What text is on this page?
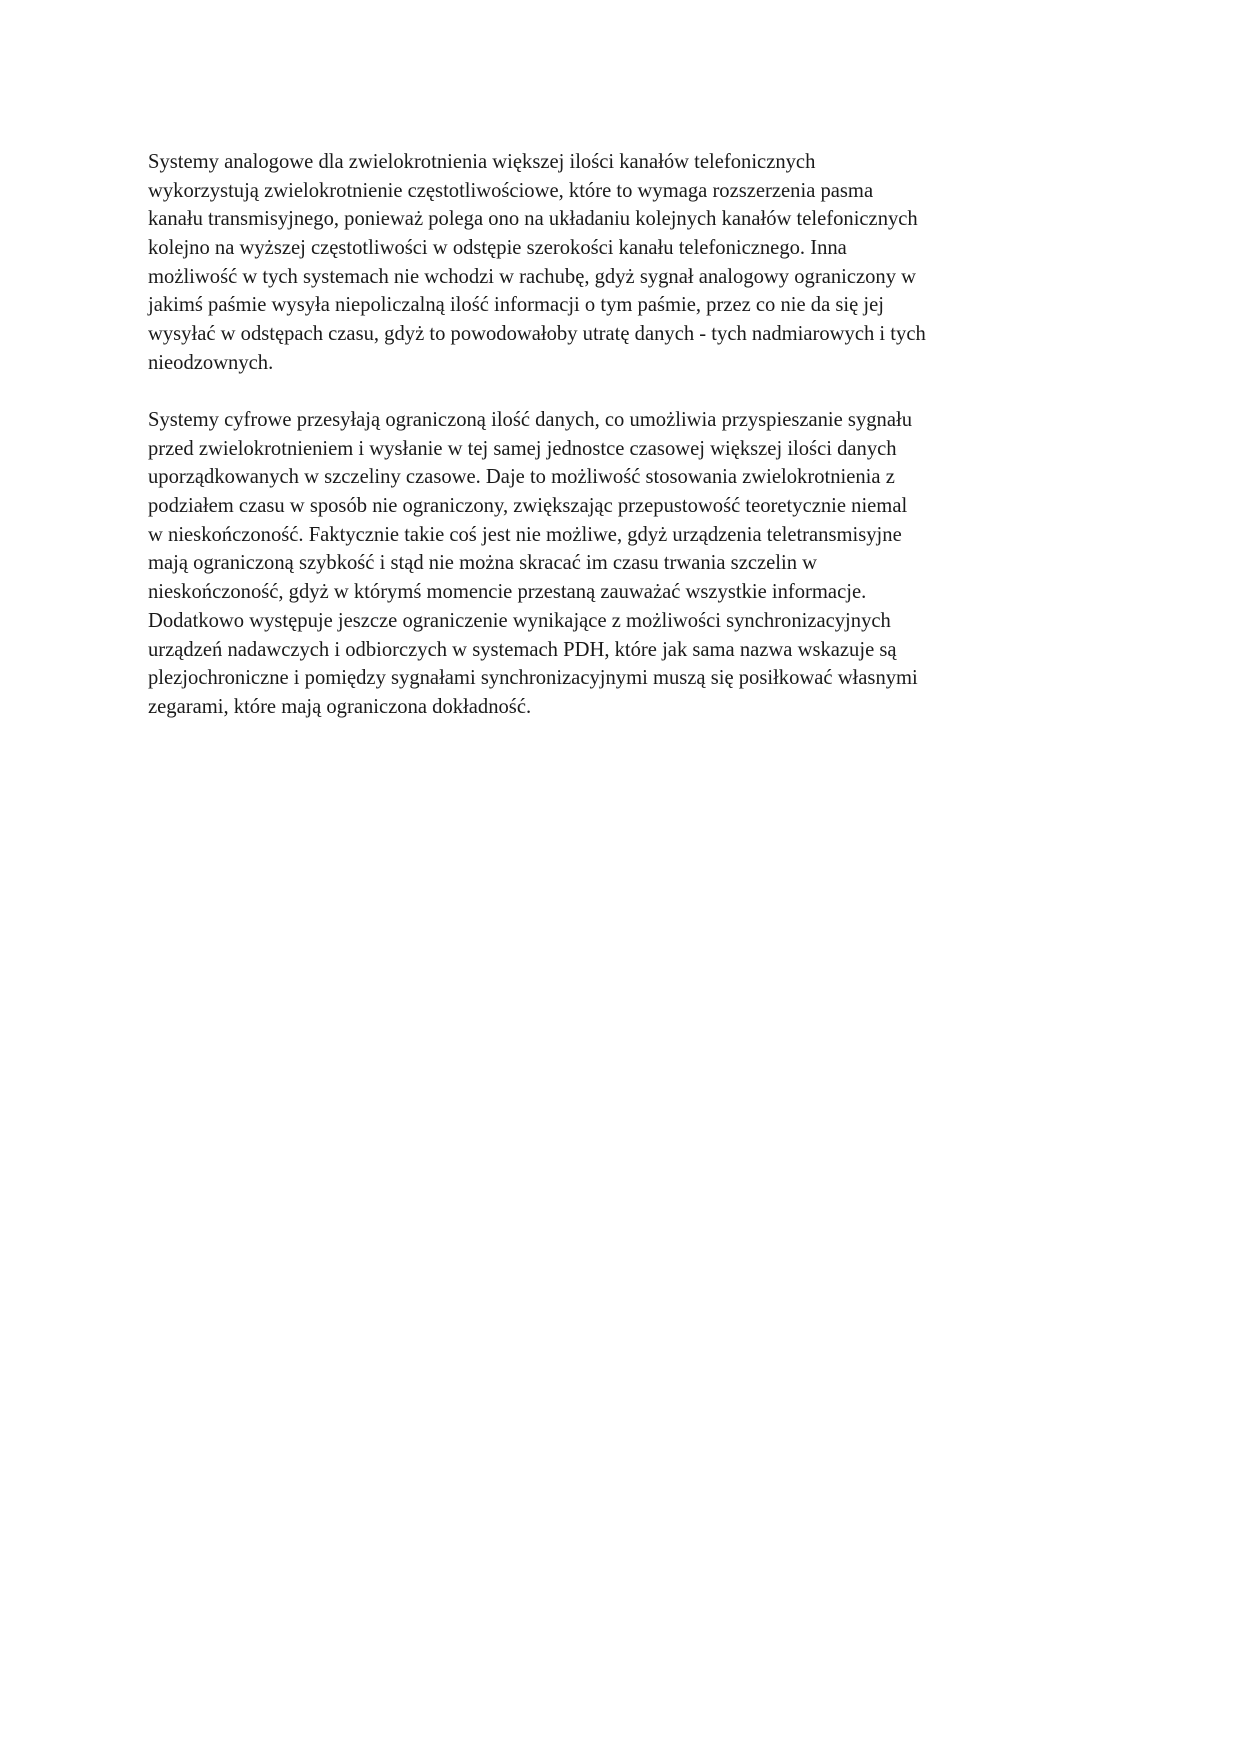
Systemy analogowe dla zwielokrotnienia większej ilości kanałów telefonicznych
wykorzystują zwielokrotnienie częstotliwościowe, które to wymaga rozszerzenia pasma
kanału transmisyjnego, ponieważ polega ono na układaniu kolejnych kanałów telefonicznych
kolejno na wyższej częstotliwości w odstępie szerokości kanału telefonicznego. Inna
możliwość w tych systemach nie wchodzi w rachubę, gdyż sygnał analogowy ograniczony w
jakimś paśmie wysyła niepoliczalną ilość informacji o tym paśmie, przez co nie da się jej
wysyłać w odstępach czasu, gdyż to powodowałoby utratę danych - tych nadmiarowych i tych
nieodzownych.
Systemy cyfrowe przesyłają ograniczoną ilość danych, co umożliwia przyspieszanie sygnału
przed zwielokrotnieniem i wysłanie w tej samej jednostce czasowej większej ilości danych
uporządkowanych w szczeliny czasowe. Daje to możliwość stosowania zwielokrotnienia z
podziałem czasu w sposób nie ograniczony, zwiększając przepustowość teoretycznie niemal
w nieskończoność. Faktycznie takie coś jest nie możliwe, gdyż urządzenia teletransmisyjne
mają ograniczoną szybkość i stąd nie można skracać im czasu trwania szczelin w
nieskończoność, gdyż w którymś momencie przestaną zauważać wszystkie informacje.
Dodatkowo występuje jeszcze ograniczenie wynikające z możliwości synchronizacyjnych
urządzeń nadawczych i odbiorczych w systemach PDH, które jak sama nazwa wskazuje są
plezjochroniczne i pomiędzy sygnałami synchronizacyjnymi muszą się posiłkować własnymi
zegarami, które mają ograniczona dokładność.
